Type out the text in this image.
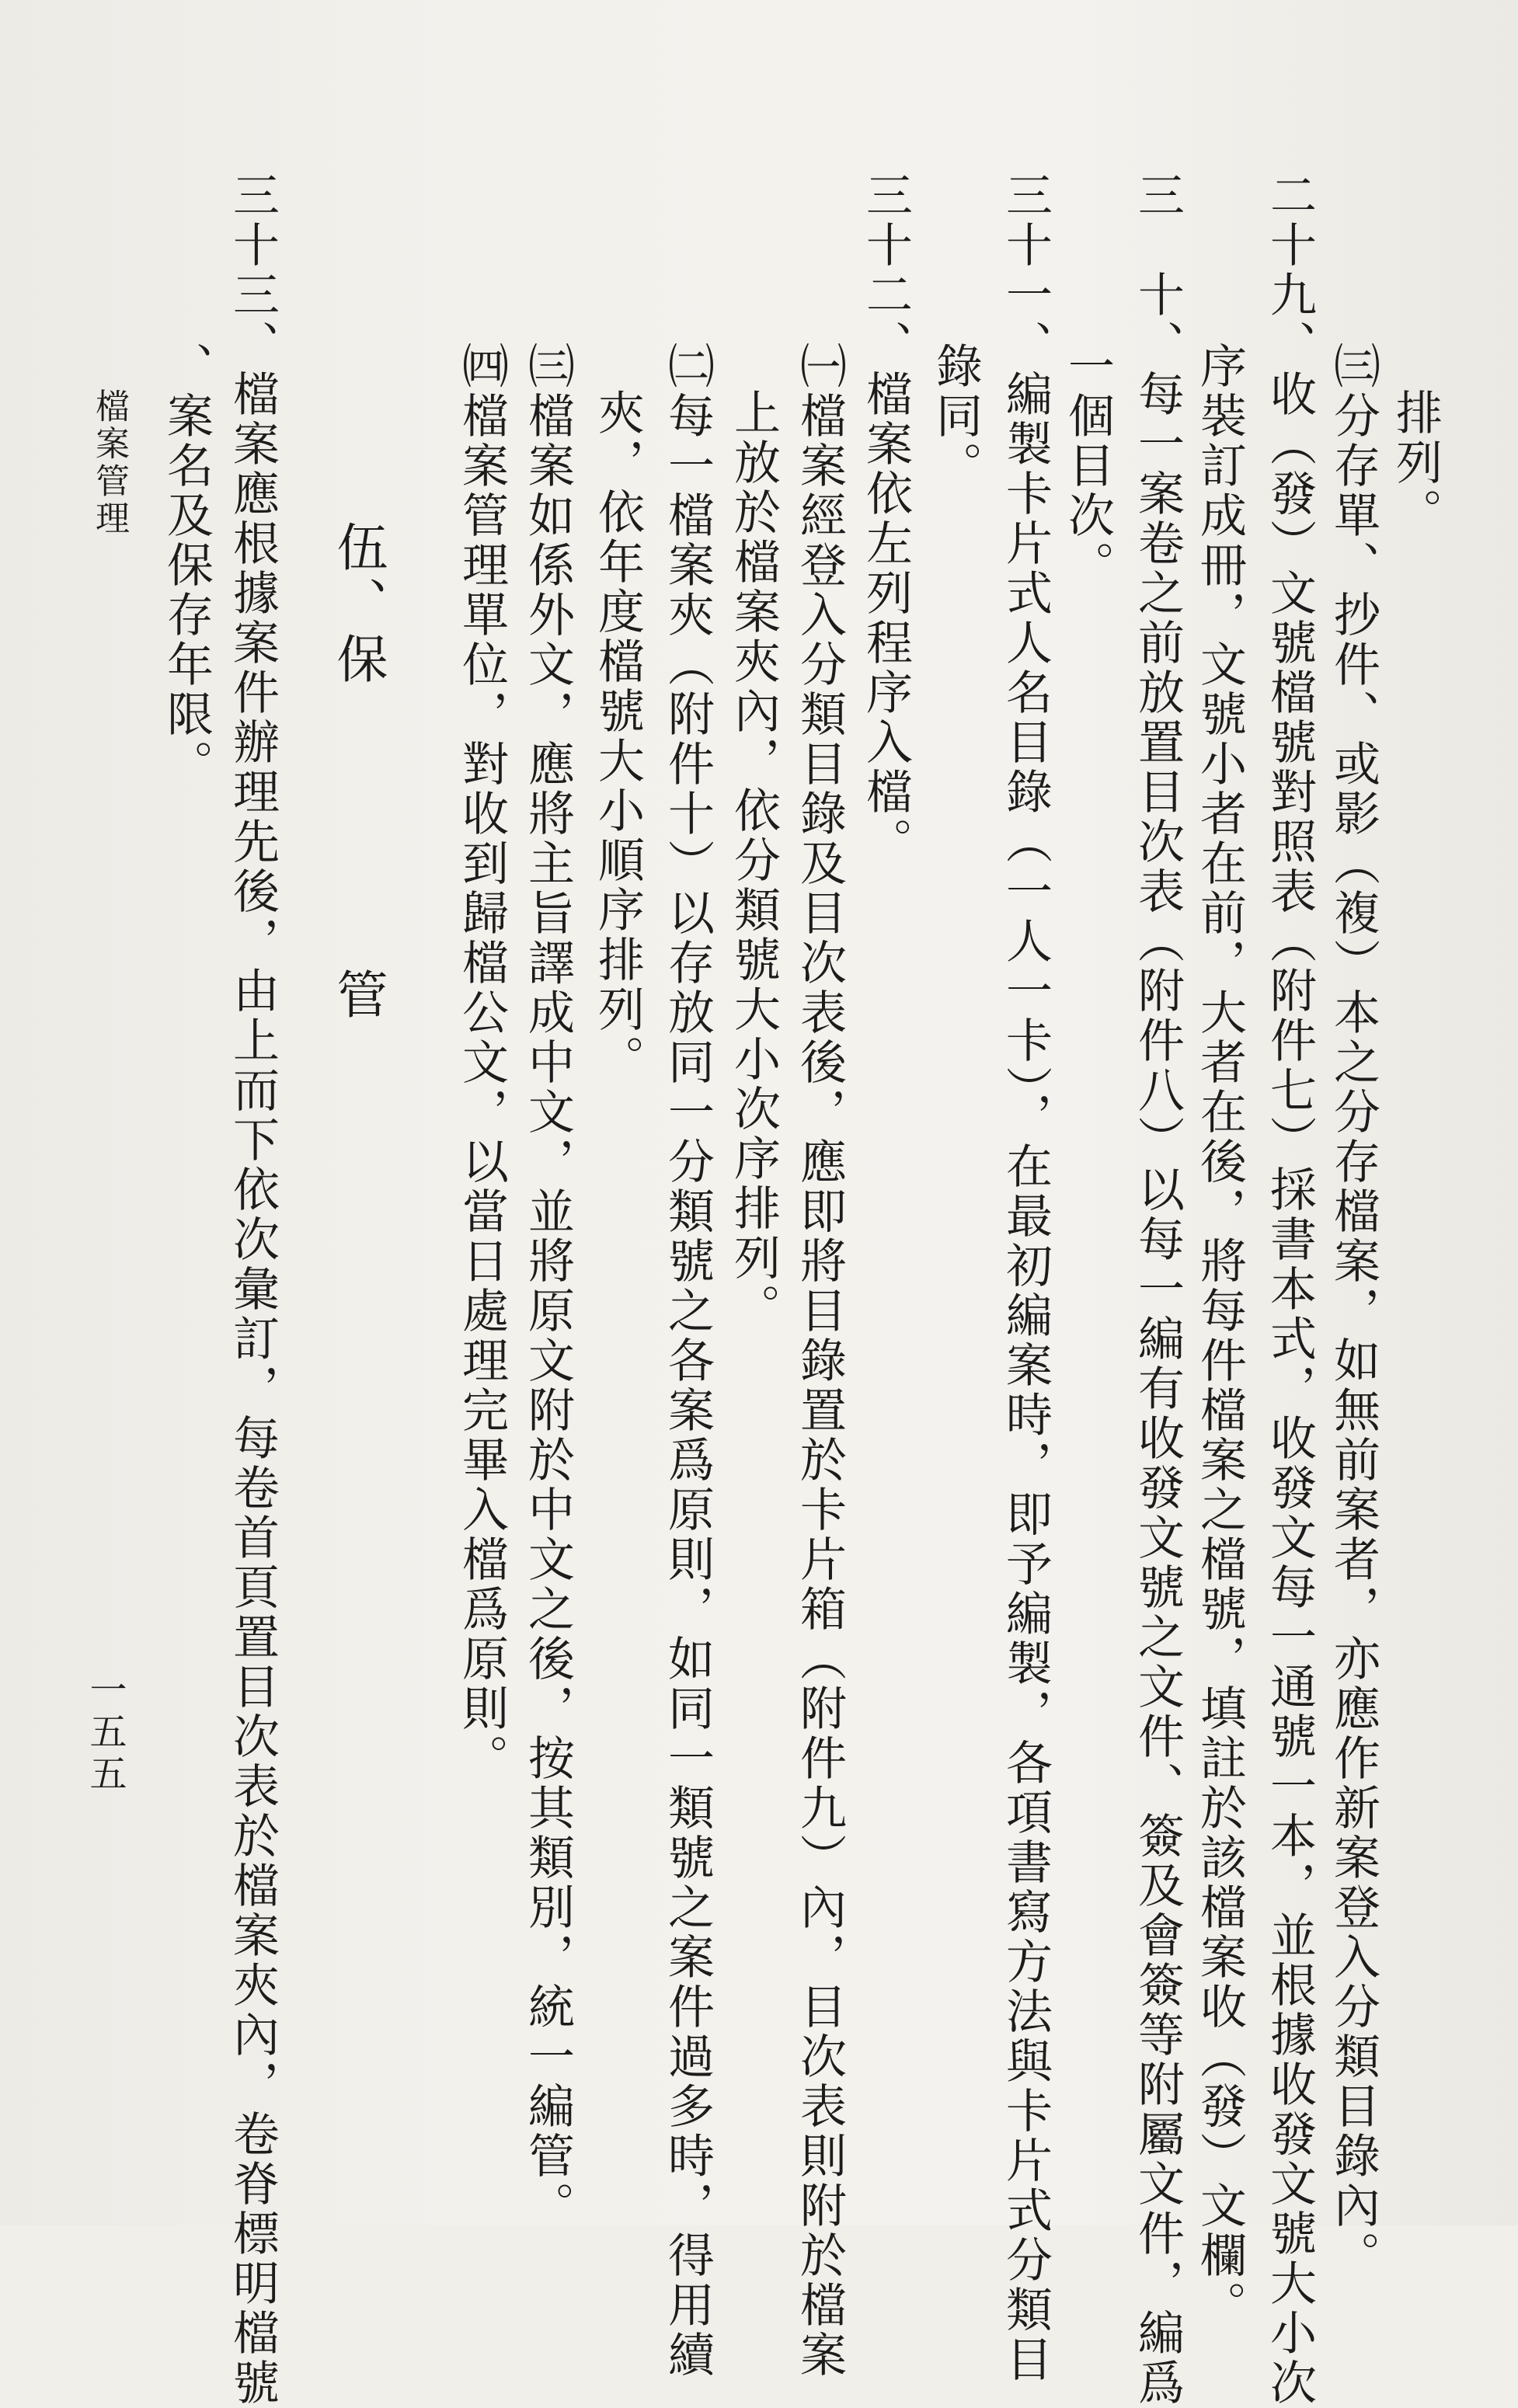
排列。
㈢分存單、抄件、或影（複）本之分存檔案，如無前案者，亦應作新案登入分類目錄內。
二十九、收（發）文號檔號對照表（附件七）採書本式，收發文每一通號一本，並根據收發文號大小次
序裝訂成冊，文號小者在前，大者在後，將每件檔案之檔號，填註於該檔案收（發）文欄。
三　十、每一案卷之前放置目次表（附件八）以每一編有收發文號之文件、簽及會簽等附屬文件，編爲
一個目次。
三十一、編製卡片式人名目錄（一人一卡），在最初編案時，即予編製，各項書寫方法與卡片式分類目
錄同。
三十二、檔案依左列程序入檔。
㈠檔案經登入分類目錄及目次表後，應即將目錄置於卡片箱（附件九）內，目次表則附於檔案
上放於檔案夾內，依分類號大小次序排列。
㈡每一檔案夾（附件十）以存放同一分類號之各案爲原則，如同一類號之案件過多時，得用續
夾，依年度檔號大小順序排列。
㈢檔案如係外文，應將主旨譯成中文，並將原文附於中文之後，按其類別，統一編管。
㈣檔案管理單位，對收到歸檔公文，以當日處理完畢入檔爲原則。
伍、保管
三十三、檔案應根據案件辦理先後，由上而下依次彙訂，每卷首頁置目次表於檔案夾內，卷脊標明檔號
、案名及保存年限。
檔案管理
一五五
